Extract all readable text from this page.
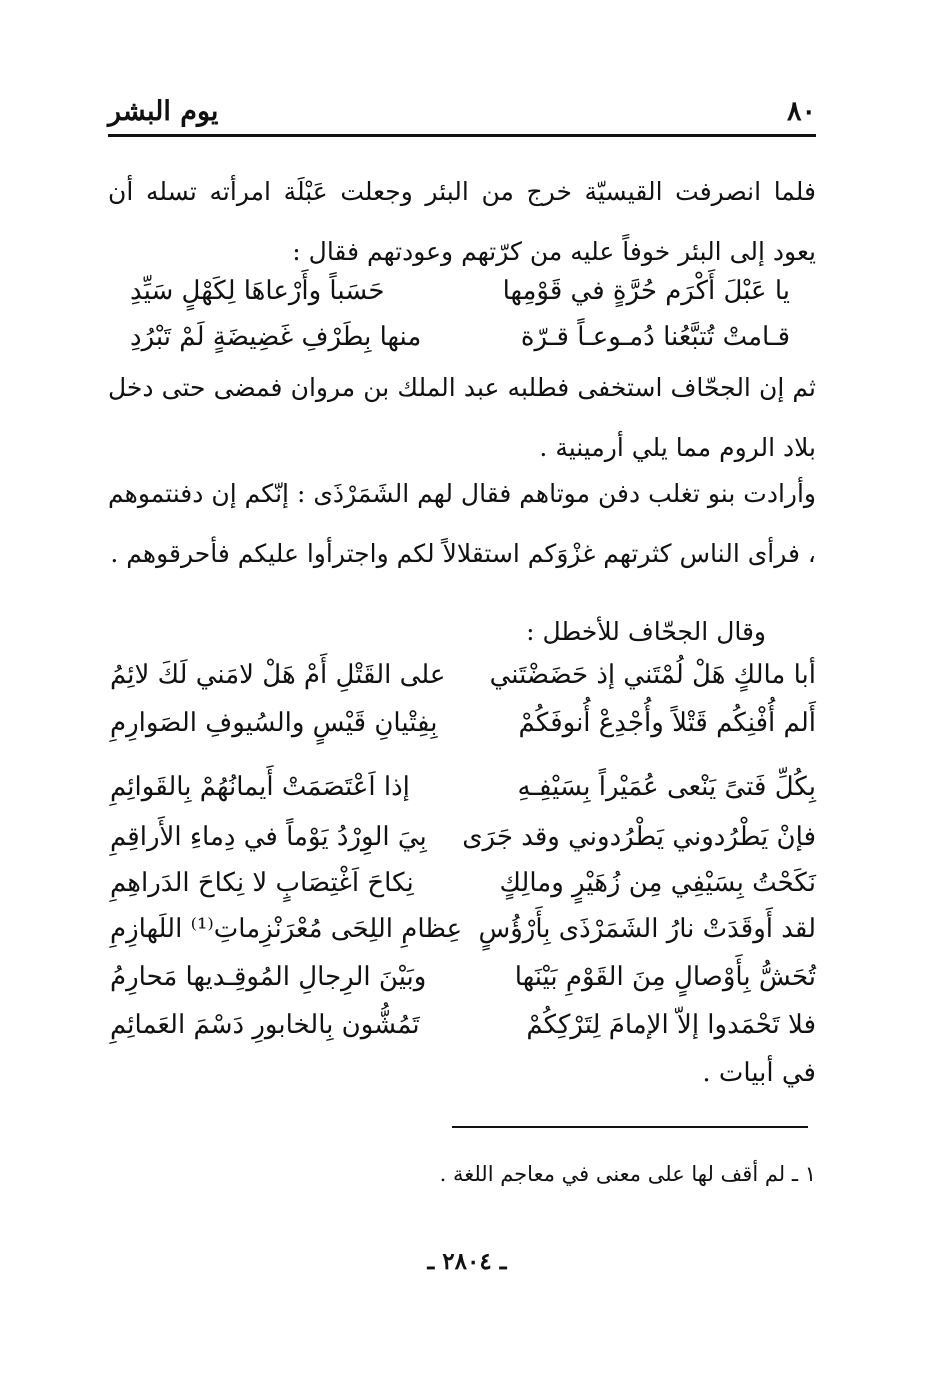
٨٠
يوم البشر
فلما انصرفت القيسيّة خرج من البئر وجعلت عَبْلَة امرأته تسله أن يعود إلى البئر خوفاً عليه من كرّتهم وعودتهم فقال :
يا عَبْلَ أَكْرَم حُرَّةٍ في قَوْمِها
حَسَباً وأَرْعاهَا لِكَهْلٍ سَيِّدِ
قـامتْ تُتبَّعُنا دُمـوعـاً قـرّة
منها بِطَرْفِ غَضِيضَةٍ لَمْ تَبْرُدِ
ثم إن الجحّاف استخفى فطلبه عبد الملك بن مروان فمضى حتى دخل بلاد الروم مما يلي أرمينية .
وأرادت بنو تغلب دفن موتاهم فقال لهم الشَمَرْذَى : إنّكم إن دفنتموهم ، فرأى الناس كثرتهم غزْوَكم استقلالاً لكم واجترأوا عليكم فأحرقوهم .
وقال الجحّاف للأخطل :
أبا مالكٍ هَلْ لُمْتَني إذ حَضَضْتَني
على القَتْلِ أَمْ هَلْ لامَني لَكَ لائِمُ
أَلم أُفْنِكُم قَتْلاً وأُجْدِعْ أُنوفَكُمْ
بِفِتْيانِ قَيْسٍ والسُيوفِ الصَوارِمِ
بِكُلِّ فَتىً يَنْعى عُمَيْراً بِسَيْفِـهِ
إذا اَعْتَصَمَتْ أَيمانُهُمْ بِالقَوائِمِ
فإنْ يَطْرُدوني يَطْرُدوني وقد جَرَى
بِيَ الوِرْدُ يَوْماً في دِماءِ الأَراقِمِ
نَكَحْتُ بِسَيْفِي مِن زُهَيْرٍ ومالِكٍ
نِكاحَ اَغْتِصَابٍ لا نِكاحَ الدَراهِمِ
لقد أَوقَدَتْ نارُ الشَمَرْذَى بِأَرْؤُسٍ
عِظامِ اللِحَى مُعْرَنْزِماتِ⁽¹⁾ اللَهازِمِ
تُحَشُّ بِأَوْصالٍ مِنَ القَوْمِ بَيْنَها
وبَيْنَ الرِجالِ المُوقِـديها مَحارِمُ
فلا تَحْمَدوا إلاّ الإمامَ لِتَرْكِكُمْ
تَمُشُّون بِالخابورِ دَسْمَ العَمائِمِ
في أبيات .
١ ـ لم أقف لها على معنى في معاجم اللغة .
ـ ٢٨٠٤ ـ
